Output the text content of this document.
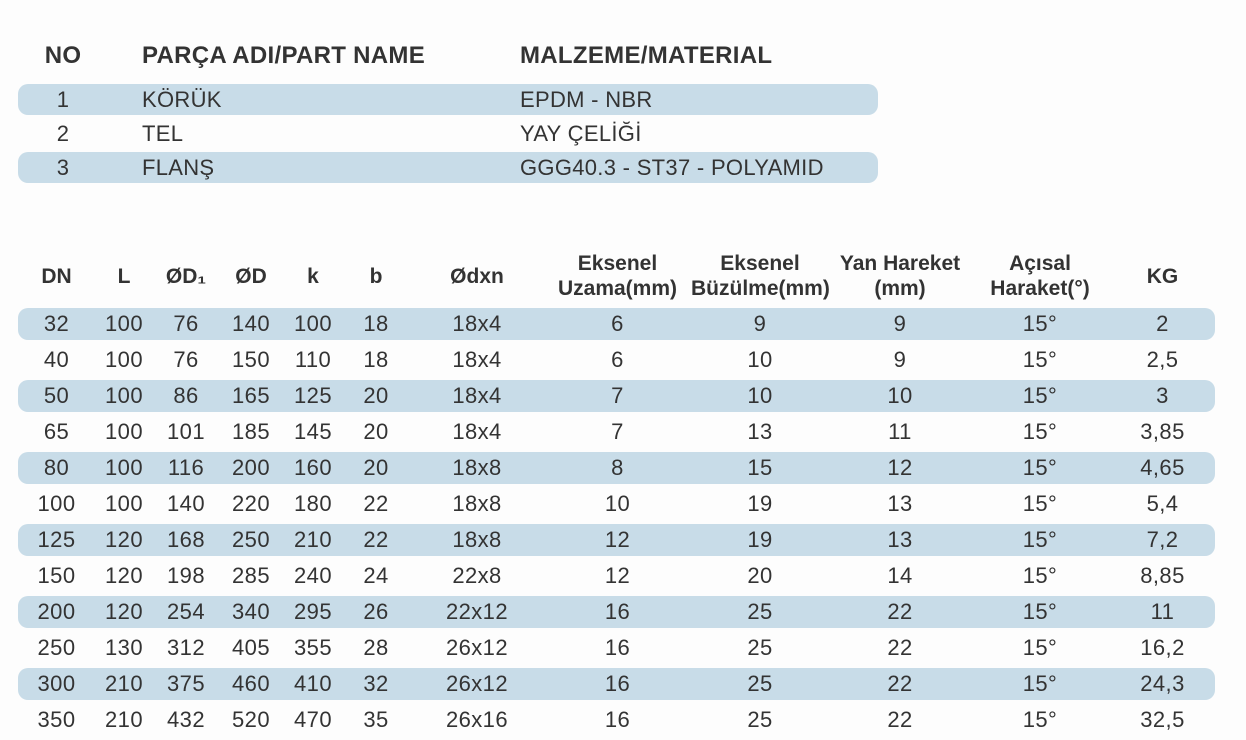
NO	PARÇA ADI/PART NAME	MALZEME/MATERIAL
1	KÖRÜK	EPDM - NBR
2	TEL	YAY ÇELİĞİ
3	FLANŞ	GGG40.3 - ST37 - POLYAMID
DN	L	ØD₁	ØD	k	b	Ødxn	Eksenel Uzama(mm)	Eksenel Büzülme(mm)	Yan Hareket (mm)	Açısal Haraket(°)	KG
32	100	76	140	100	18	18x4	6	9	9	15°	2
40	100	76	150	110	18	18x4	6	10	9	15°	2,5
50	100	86	165	125	20	18x4	7	10	10	15°	3
65	100	101	185	145	20	18x4	7	13	11	15°	3,85
80	100	116	200	160	20	18x8	8	15	12	15°	4,65
100	100	140	220	180	22	18x8	10	19	13	15°	5,4
125	120	168	250	210	22	18x8	12	19	13	15°	7,2
150	120	198	285	240	24	22x8	12	20	14	15°	8,85
200	120	254	340	295	26	22x12	16	25	22	15°	11
250	130	312	405	355	28	26x12	16	25	22	15°	16,2
300	210	375	460	410	32	26x12	16	25	22	15°	24,3
350	210	432	520	470	35	26x16	16	25	22	15°	32,5
